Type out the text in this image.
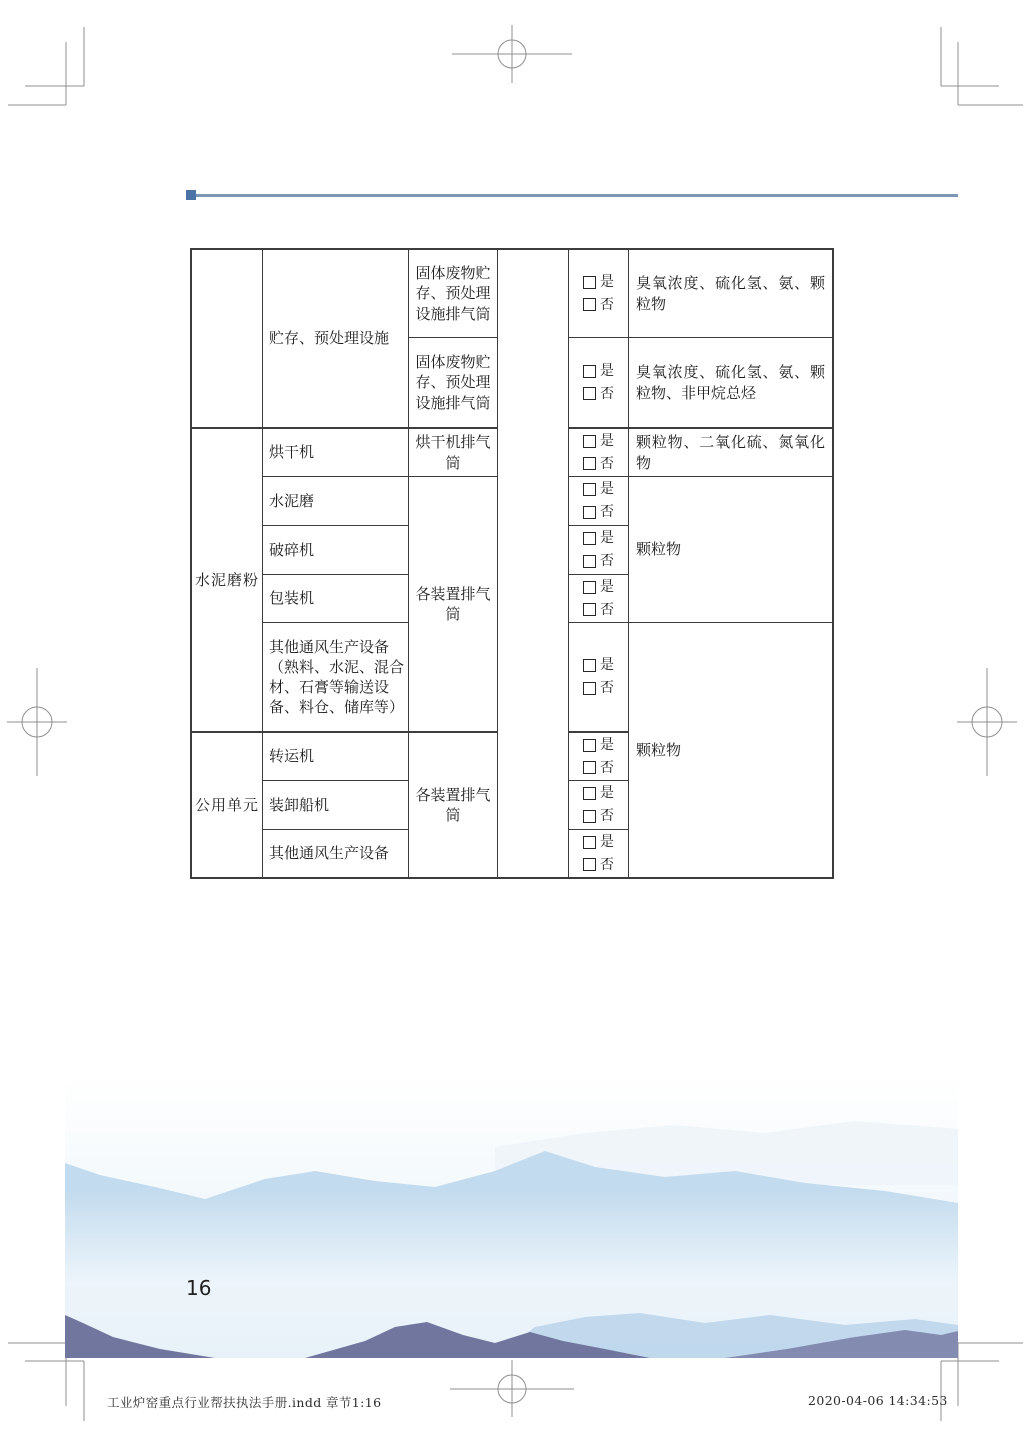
水泥磨粉
公用单元
贮存、预处理设施
烘干机
水泥磨
破碎机
包装机
其他通风生产设备（熟料、水泥、混合材、石膏等输送设备、料仓、储库等）
转运机
装卸船机
其他通风生产设备
固体废物贮存、预处理设施排气筒
固体废物贮存、预处理设施排气筒
烘干机排气筒
各装置排气筒
各装置排气筒
是
否
是
否
是
否
是
否
是
否
是
否
是
否
是
否
是
否
是
否
臭氧浓度、硫化氢、氨、颗粒物
臭氧浓度、硫化氢、氨、颗粒物、非甲烷总烃
颗粒物、二氧化硫、氮氧化物
颗粒物
颗粒物
16
工业炉窑重点行业帮扶执法手册.indd 章节1:16	2020-04-06 14:34:53
